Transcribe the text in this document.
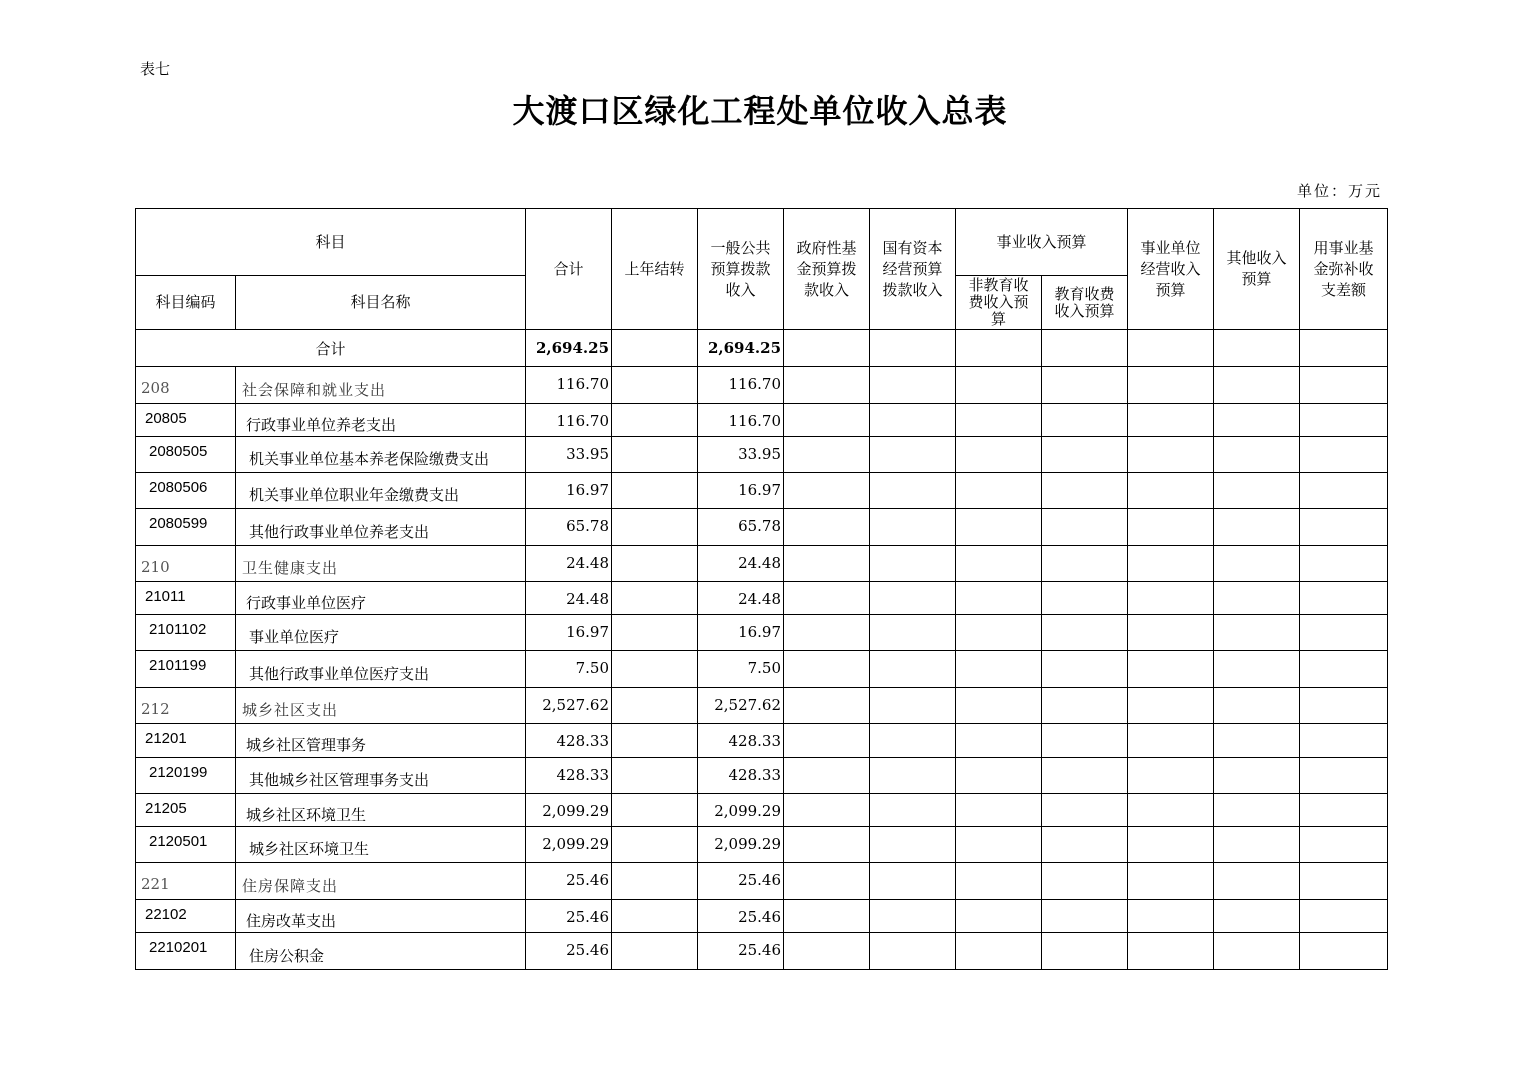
表七
大渡口区绿化工程处单位收入总表
单位：万元
科目		合计	上年结转	一般公共预算拨款收入	政府性基金预算拨款收入	国有资本经营预算拨款收入	事业收入预算		事业单位经营收入预算	其他收入预算	用事业基金弥补收支差额
科目编码	科目名称						非教育收费收入预算	教育收费收入预算			
合计		2,694.25		2,694.25							
208	社会保障和就业支出	116.70		116.70							
20805	行政事业单位养老支出	116.70		116.70							
2080505	机关事业单位基本养老保险缴费支出	33.95		33.95							
2080506	机关事业单位职业年金缴费支出	16.97		16.97							
2080599	其他行政事业单位养老支出	65.78		65.78							
210	卫生健康支出	24.48		24.48							
21011	行政事业单位医疗	24.48		24.48							
2101102	事业单位医疗	16.97		16.97							
2101199	其他行政事业单位医疗支出	7.50		7.50							
212	城乡社区支出	2,527.62		2,527.62							
21201	城乡社区管理事务	428.33		428.33							
2120199	其他城乡社区管理事务支出	428.33		428.33							
21205	城乡社区环境卫生	2,099.29		2,099.29							
2120501	城乡社区环境卫生	2,099.29		2,099.29							
221	住房保障支出	25.46		25.46							
22102	住房改革支出	25.46		25.46							
2210201	住房公积金	25.46		25.46							
